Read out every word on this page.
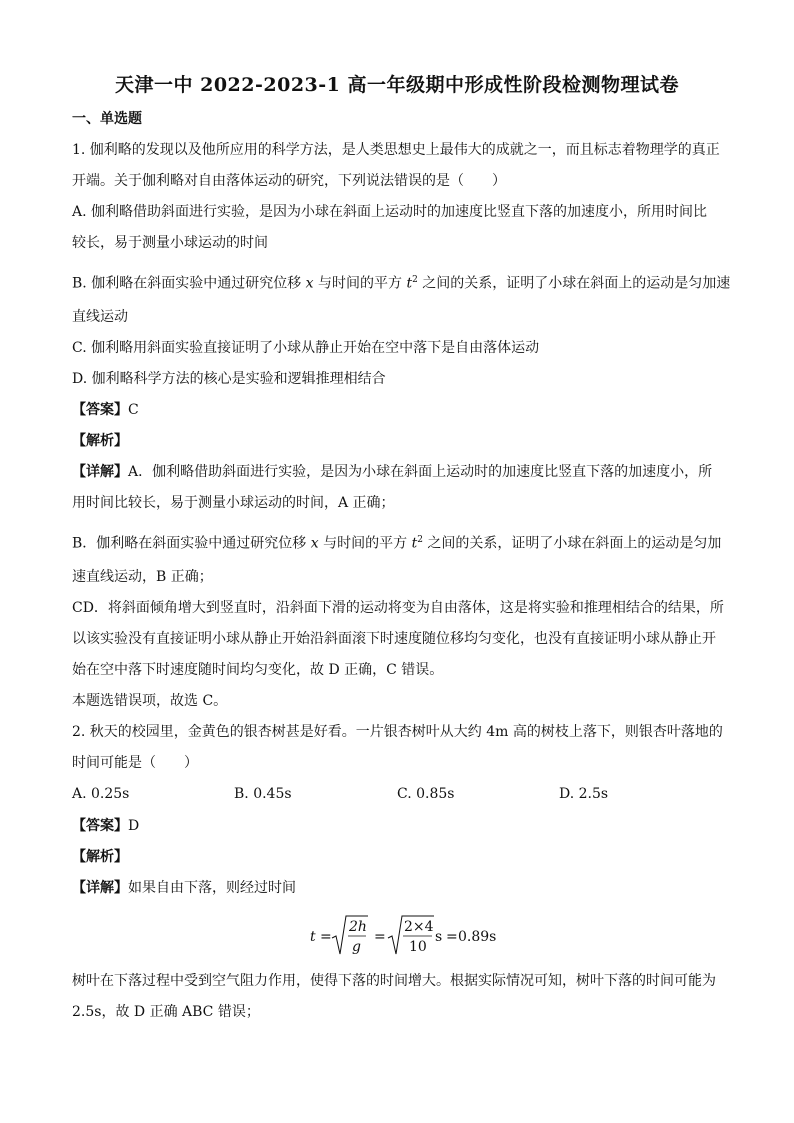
天津一中 2022-2023-1 高一年级期中形成性阶段检测物理试卷
一、单选题
1. 伽利略的发现以及他所应用的科学方法，是人类思想史上最伟大的成就之一，而且标志着物理学的真正
开端。关于伽利略对自由落体运动的研究，下列说法错误的是（　　）
A. 伽利略借助斜面进行实验，是因为小球在斜面上运动时的加速度比竖直下落的加速度小，所用时间比
较长，易于测量小球运动的时间
B. 伽利略在斜面实验中通过研究位移 x 与时间的平方 $t^2$ 之间的关系，证明了小球在斜面上的运动是匀加速
直线运动
C. 伽利略用斜面实验直接证明了小球从静止开始在空中落下是自由落体运动
D. 伽利略科学方法的核心是实验和逻辑推理相结合
【答案】C
【解析】
【详解】A．伽利略借助斜面进行实验，是因为小球在斜面上运动时的加速度比竖直下落的加速度小，所
用时间比较长，易于测量小球运动的时间，A 正确；
B．伽利略在斜面实验中通过研究位移 x 与时间的平方 $t^2$ 之间的关系，证明了小球在斜面上的运动是匀加
速直线运动，B 正确；
CD．将斜面倾角增大到竖直时，沿斜面下滑的运动将变为自由落体，这是将实验和推理相结合的结果，所
以该实验没有直接证明小球从静止开始沿斜面滚下时速度随位移均匀变化，也没有直接证明小球从静止开
始在空中落下时速度随时间均匀变化，故 D 正确，C 错误。
本题选错误项，故选 C。
2. 秋天的校园里，金黄色的银杏树甚是好看。一片银杏树叶从大约 4m 高的树枝上落下，则银杏叶落地的
时间可能是（　　）
A. 0.25s	B. 0.45s	C. 0.85s	D. 2.5s
【答案】D
【解析】
【详解】如果自由下落，则经过时间
t =
2h
g
=
2×4
10
s = 0.89s
树叶在下落过程中受到空气阻力作用，使得下落的时间增大。根据实际情况可知，树叶下落的时间可能为
2.5s，故 D 正确 ABC 错误；
